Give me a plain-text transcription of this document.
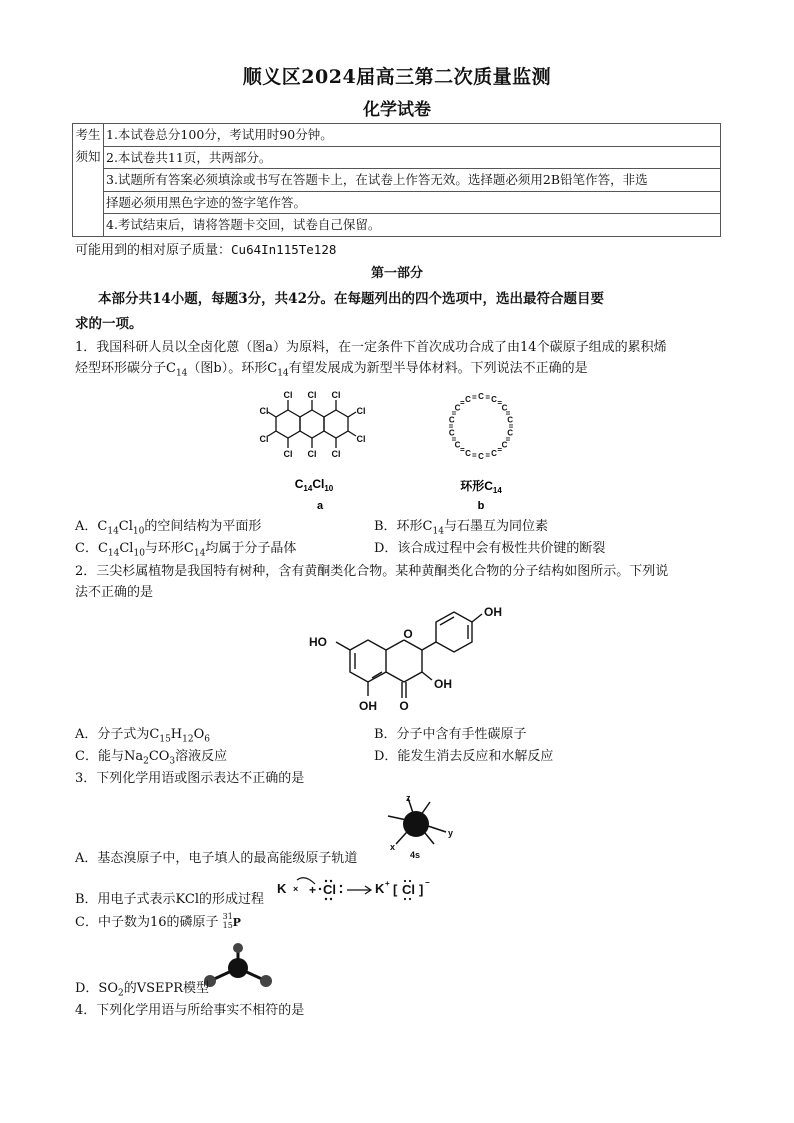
顺义区2024届高三第二次质量监测
化学试卷
考生
须知
	1.本试卷总分100分，考试用时90分钟。
2.本试卷共11页，共两部分。
3.试题所有答案必须填涂或书写在答题卡上，在试卷上作答无效。选择题必须用2B铅笔作答，非选
择题必须用黑色字迹的签字笔作答。
4.考试结束后，请将答题卡交回，试卷自己保留。
可能用到的相对原子质量：Cu64In115Te128
第一部分
本部分共14小题，每题3分，共42分。在每题列出的四个选项中，选出最符合题目要
求的一项。
1．我国科研人员以全卤化蒽（图a）为原料，在一定条件下首次成功合成了由14个碳原子组成的累积烯
烃型环形碳分子$C_{14}$（图b）。环形$C_{14}$有望发展成为新型半导体材料。下列说法不正确的是
Cl Cl Cl
Cl Cl Cl
Cl
Cl
Cl
Cl
$C_{14}Cl_{10}$
a
C = C =
C
=
C
=
C
=
C
=
C
=
C
=
C
=
C
=
C
=
C
=
C
= C =
环形$C_{14}$
b
A．$C_{14}Cl_{10}$的空间结构为平面形	B．环形$C_{14}$与石墨互为同位素
C．$C_{14}Cl_{10}$与环形$C_{14}$均属于分子晶体	D．该合成过程中会有极性共价键的断裂
2．三尖杉属植物是我国特有树种，含有黄酮类化合物。某种黄酮类化合物的分子结构如图所示。下列说
法不正确的是
O
HO
OH O
OH
OH
A．分子式为$C_{15}H_{12}O_6$	B．分子中含有手性碳原子
C．能与$Na_2CO_3$溶液反应	D．能发生消去反应和水解反应
3．下列化学用语或图示表达不正确的是
z
y
x
4s
A．基态溴原子中，电子填人的最高能级原子轨道
B．用电子式表示KCl的形成过程
K × + Cl	K + [ Cl ] −
C．中子数为16的磷原子 31
15 P
D．$SO_2$的VSEPR模型
4．下列化学用语与所给事实不相符的是
